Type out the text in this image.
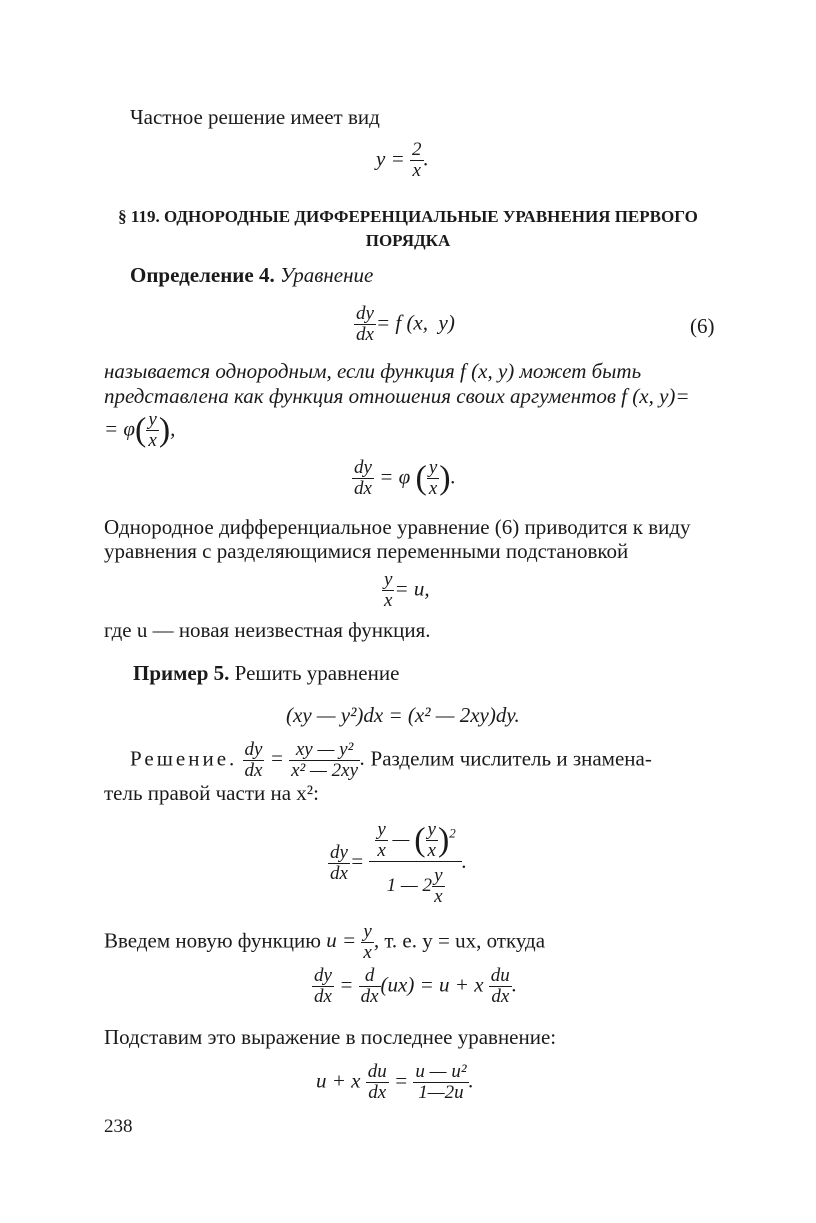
Частное решение имеет вид
$y = \frac{2}{x}$ .
§ 119. ОДНОРОДНЫЕ ДИФФЕРЕНЦИАЛЬНЫЕ УРАВНЕНИЯ ПЕРВОГО ПОРЯДКА
Определение 4. Уравнение
$\frac{dy}{dx} = f$ (x,  y)	(6)
называется однородным, если функция f (x, y) может быть
представлена как функция отношения своих аргументов f (x, y)=
= $\varphi( \frac{y}{x}$ ),
$\frac{dy}{dx} = \varphi$ ( $\frac{y}{x}$ ).
Однородное дифференциальное уравнение (6) приводится к виду
уравнения с разделяющимися переменными подстановкой
$\frac{y}{x} = u$,
где u — новая неизвестная функция.
Пример 5. Решить уравнение
(xy — y²)dx = (x² — 2xy)dy.
Решение. $\frac{dy}{dx} = \frac{\text{xy — y²}}{\text{x² — 2xy}}$ . Разделим числитель и знамена-
тель правой части на x²:
$\frac{dy}{dx} = \frac{\frac{y}{x} — ( \frac{y}{x} )^2}{1 — 2 \frac{y}{x}}$ .
Введем новую функцию $u = \frac{y}{x}$ , т. е. y = ux, откуда
$\frac{dy}{dx} = \frac{d}{dx} (ux) = u + x \frac{du}{dx}$ .
Подставим это выражение в последнее уравнение:
u + x $\frac{du}{dx} = \frac{\text{u — u²}}{1—2u}$ .
238
